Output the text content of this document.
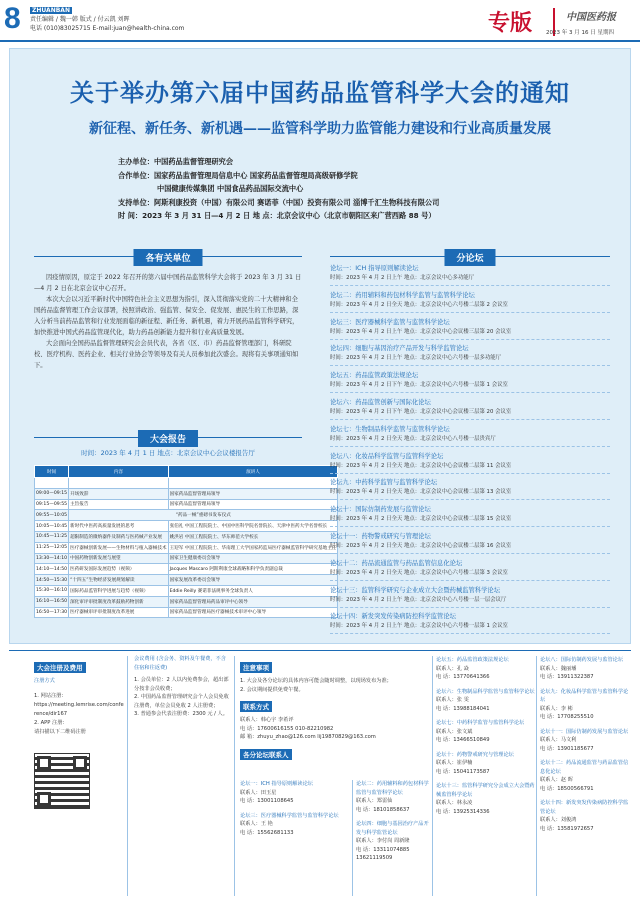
8	ZHUANBAN
责任编辑 / 魏一韩 版式 / 付云凯 刘晖
电话 (010)83025715 E-mail:juan@health-china.com	专版	中国医药报
2023 年 3 月 16 日 星期四
关于举办第六届中国药品监管科学大会的通知
新征程、新任务、新机遇——监管科学助力监管能力建设和行业高质量发展
主办单位：中国药品监督管理研究会
合作单位：国家药品监督管理局信息中心 国家药品监督管理局高级研修学院
中国健康传媒集团 中国食品药品国际交流中心
支持单位：阿斯利康投资（中国）有限公司 赛诺菲（中国）投资有限公司 淄博千汇生物科技有限公司
时 间：2023 年 3 月 31 日—4 月 2 日 地 点：北京会议中心（北京市朝阳区来广营西路 88 号）
各有关单位

因疫情原因，原定于 2022 年召开的第六届中国药品监管科学大会将于 2023 年 3 月 31 日—4 月 2 日在北京会议中心召开。

本次大会以习近平新时代中国特色社会主义思想为指引，深入贯彻落实党的二十大精神和全国药品监督管理工作会议部署，按照讲政治、强监管、保安全、促发展、惠民生的工作思路，深入分析当前药品监管和行业发展面临的新征程、新任务、新机遇，着力开展药品监管科学研究，加快推进中国式药品监管现代化，助力药品创新能力提升和行业高质量发展。

大会面向全国药品监督管理研究会会员代表，各省（区、市）药品监督管理部门，科研院校、医疗机构、医药企业、相关行业协会等领导及有关人员参加此次盛会。现将有关事项通知如下。

大会报告
时间：2023 年 4 月 1 日 地点：北京会议中心会议楼报告厅
时间	内容	演讲人

09:00—09:15	开场致辞	国家药品监督管理局领导
09:15—09:55	主旨报告	国家药品监督管理局领导
09:55—10:05	“药品一械”重磅书发布仪式	
10:05—10:45	新时代中医药高质量发展的思考	张伯礼 中国工程院院士、中国中医科学院名誉院长、天津中医药大学名誉校长
10:45—11:25	超限制造的微纳器件及制药与医药械产业发展	姚洪岩 中国工程院院士、华东师范大学校长
11:25—12:05	医疗器械创新发展——生物材料与植入器械技术	王迎军 中国工程院院士、华南理工大学国家药监局医疗器械监管科学研究基地主任
13:30—14:10	中国药物创新发展与展望	国家卫生健康委员会领导
14:10—14:50	医药研发国际发展趋势（视频）	Jacques Mascaro 阿斯利康全球战略和科学负责副总裁
14:50—15:30	“十四五”生物经济发展规划解读	国家发展改革委员会领导
15:30—16:10	国际药品监管科学进展与趋势（视频）	Eddie Reilly 赛诺菲法规事务全球负责人
16:10—16:50	深化审评审批制度改革鼓励药物创新	国家药品监督管理局药品审评中心领导
16:50—17:30	医疗器械审评审批制度改革进展	国家药品监督管理局医疗器械技术审评中心领导
分论坛
论坛一：ICH 指导原则解读论坛
时间：2023 年 4 月 2 日上午 地点：北京会议中心多功能厅
论坛二：药用辅料和药包材科学监管与监管科学论坛
时间：2023 年 4 月 2 日全天 地点：北京会议中心六号楼二层第 2 会议室
论坛三：医疗器械科学监管与监管科学论坛
时间：2023 年 4 月 2 日上午 地点：北京会议中心会议楼三层第 20 会议室
论坛四：细胞与基因治疗产品开发与科学监管论坛
时间：2023 年 4 月 2 日上午 地点：北京会议中心六号楼一层多功能厅
论坛五：药品监管政策法规论坛
时间：2023 年 4 月 2 日下午 地点：北京会议中心六号楼一层第 1 会议室
论坛六：药品监管创新与国际化论坛
时间：2023 年 4 月 2 日下午 地点：北京会议中心会议楼三层第 20 会议室
论坛七：生物制品科学监管与监管科学论坛
时间：2023 年 4 月 2 日全天 地点：北京会议中心八号楼一层贵宾厅
论坛八：化妆品科学监管与监管科学论坛
时间：2023 年 4 月 2 日全天 地点：北京会议中心会议楼二层第 11 会议室
论坛九：中药科学监管与监管科学论坛
时间：2023 年 4 月 2 日全天 地点：北京会议中心会议楼二层第 13 会议室
论坛十：国际仿制药发展与监管论坛
时间：2023 年 4 月 2 日全天 地点：北京会议中心会议楼二层第 15 会议室
论坛十一：药物警戒研究与管理论坛
时间：2023 年 4 月 2 日全天 地点：北京会议中心会议楼二层第 16 会议室
论坛十二：药品流通监管与药品监管信息化论坛
时间：2023 年 4 月 2 日全天 地点：北京会议中心六号楼二层第 3 会议室
论坛十三：监管科学研究与企业成立大会暨药械监管科学论坛
时间：2023 年 4 月 2 日上午 地点：北京会议中心八号楼一层一层会议厅
论坛十四：新发突发传染病防控科学监管论坛
时间：2023 年 4 月 2 日上午 地点：北京会议中心六号楼一层第 1 会议室
大会注册及费用
注册方式
1. 网站注册：
https://meeting.lemrise.com/conference/dir167
2. APP 注册：
请扫描以下二维码注册
会议费用 (含会务、资料及午餐费，不含住宿和往返费)
1. 会员单位：2 人以内免费参会，超出部分按非会员收费；
2. 中国药品监督管理研究会个人会员免收注册费，单位会员免收 2 人注册费；
3. 普通参会代表注册费：2300 元 / 人。
注意事项
1. 大会及各分论坛的具体内容可能会随时调整，以现场发布为准；
2. 会议期间提供免费午餐。
联系方式
联系人：韩心宇 李希评
电 话：17600616155 010-82210982
邮 箱：zhuyu_zhao@126.com lij19870829@163.com
各分论坛联系人
论坛一：ICH 指导原则解读论坛
联系人：田玉星
电 话：13001108645
论坛三：医疗器械科学监管与监管科学论坛
联系人：王 艳
电 话：15562681133
论坛二：药用辅料和药包材科学监管与监管科学论坛
联系人：郑雷仙
电 话：18101858637
论坛四：细胞与基因治疗产品开发与科学监管论坛
联系人：李付岗 周新隆
电 话：13311074885 13621119509
论坛五：药品监管政策法规论坛
联系人：孔 焱
电 话：13770641366
论坛六：生物制品科学监管与监管科学论坛
联系人：张 雯
电 话：13988184041
论坛七：中药科学监管与监管科学论坛
联系人：张文斌
电 话：13466510849
论坛十：药物警戒研究与管理论坛
联系人：崔伊楠
电 话：15041173587
论坛十三：监管科学研究分会成立大会暨药械监管科学论坛
联系人：林永凌
电 话：13925314336
论坛八：国际仿制药发展与监管论坛
联系人：魏丽璠
电 话：13911322387
论坛九：化妆品科学监管与监管科学论坛
联系人：李 彬
电 话：17708255510
论坛十一：国际仿制药发展与监管论坛
联系人：马文利
电 话：13901185677
论坛十二：药品流通监管与药品监管信息化论坛
联系人：赵 晖
电 话：18500566791
论坛十四：新发突发传染病防控科学监管论坛
联系人：刘俊鸿
电 话：13581972657
